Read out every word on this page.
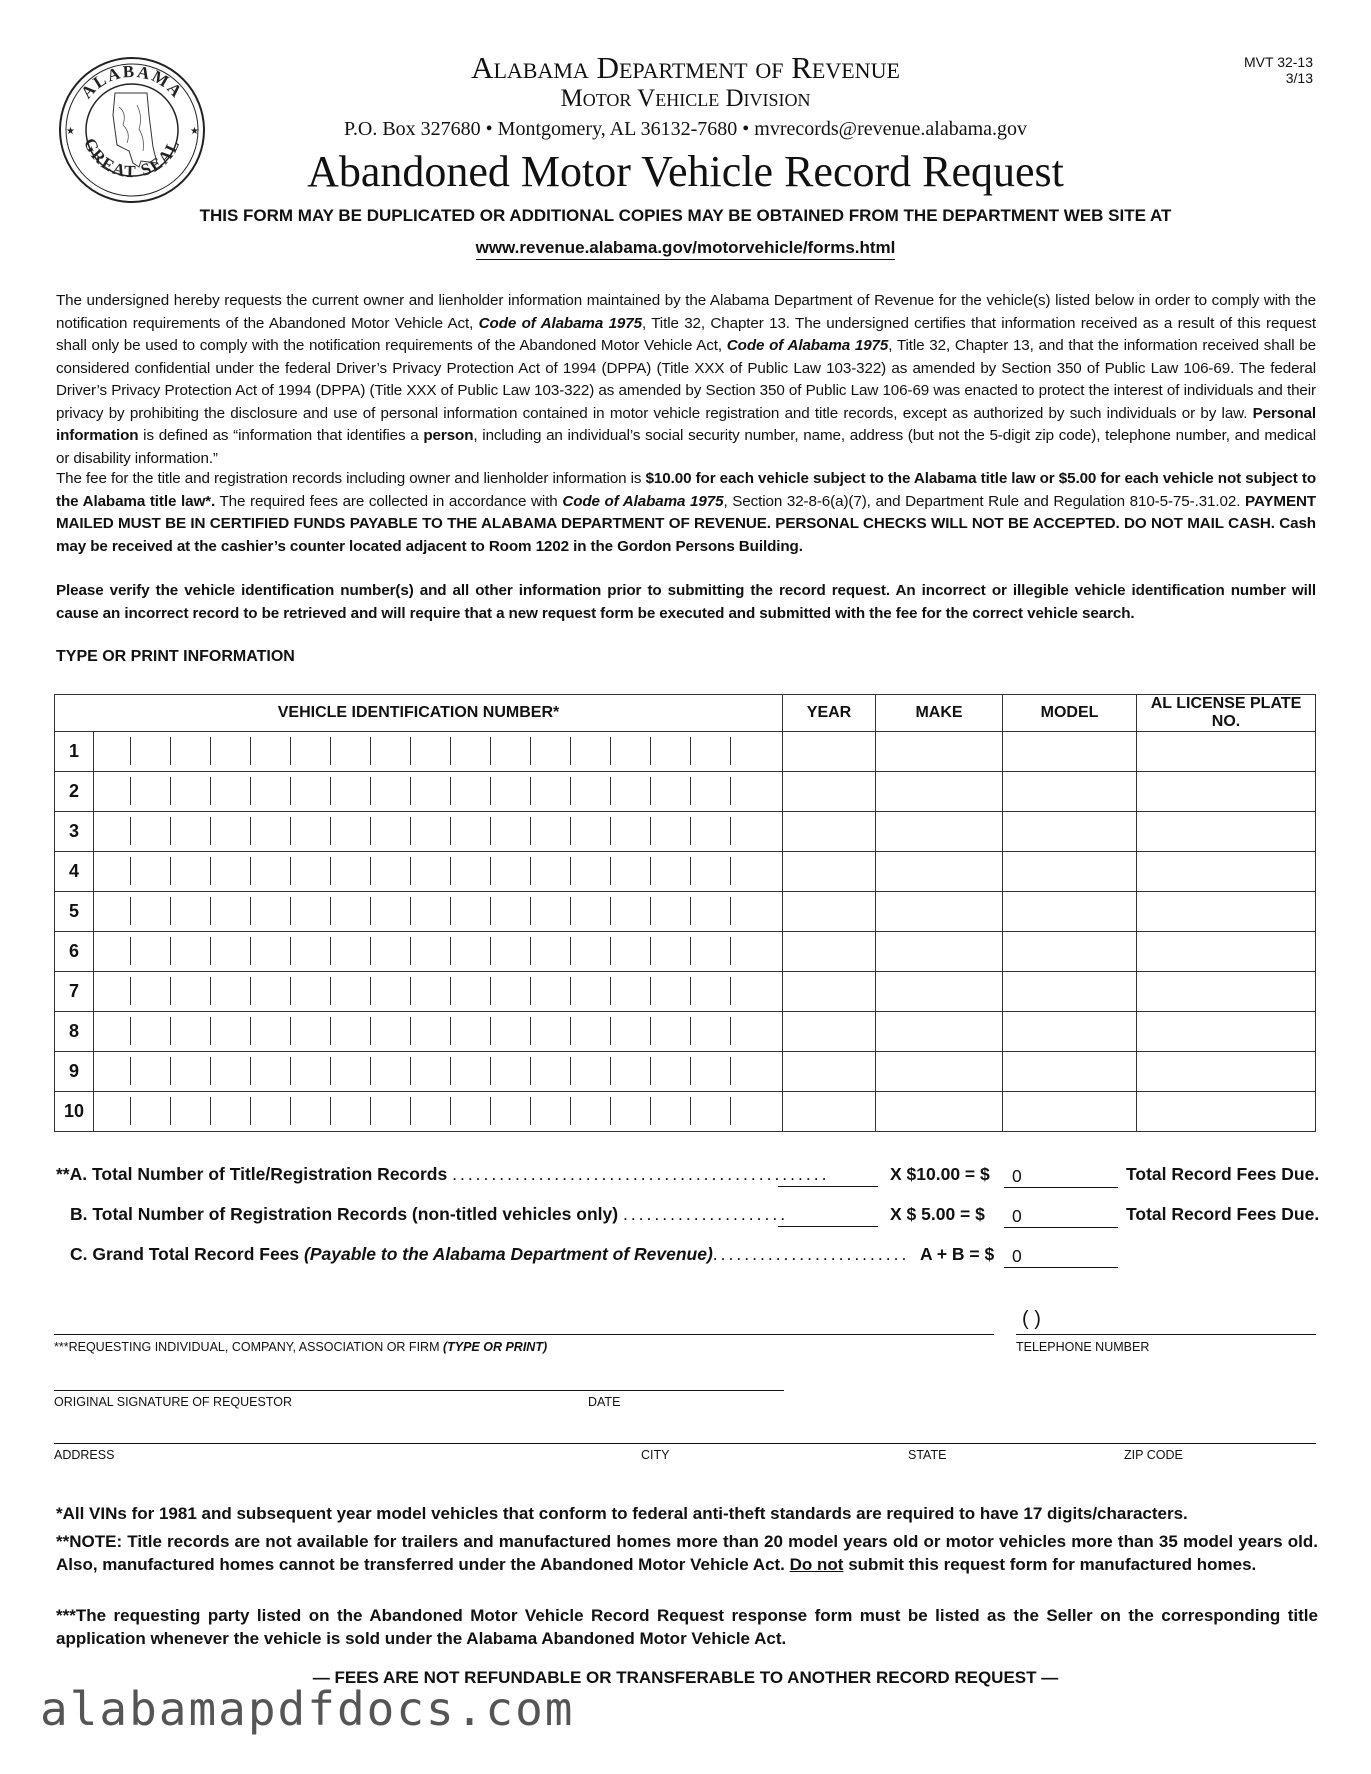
ALABAMA
GREAT SEAL
★	★
MVT 32-13
3/13
Alabama Department of Revenue
Motor Vehicle Division
P.O. Box 327680 • Montgomery, AL 36132-7680 • mvrecords@revenue.alabama.gov
Abandoned Motor Vehicle Record Request
THIS FORM MAY BE DUPLICATED OR ADDITIONAL COPIES MAY BE OBTAINED FROM THE DEPARTMENT WEB SITE AT
www.revenue.alabama.gov/motorvehicle/forms.html
The undersigned hereby requests the current owner and lienholder information maintained by the Alabama Department of Revenue for the vehicle(s) listed below in order to comply with the notification requirements of the Abandoned Motor Vehicle Act, Code of Alabama 1975, Title 32, Chapter 13. The undersigned certifies that information received as a result of this request shall only be used to comply with the notification requirements of the Abandoned Motor Vehicle Act, Code of Alabama 1975, Title 32, Chapter 13, and that the information received shall be considered confidential under the federal Driver’s Privacy Protection Act of 1994 (DPPA) (Title XXX of Public Law 103-322) as amended by Section 350 of Public Law 106-69. The federal Driver’s Privacy Protection Act of 1994 (DPPA) (Title XXX of Public Law 103-322) as amended by Section 350 of Public Law 106-69 was enacted to protect the interest of individuals and their privacy by prohibiting the disclosure and use of personal information contained in motor vehicle registration and title records, except as authorized by such individuals or by law. Personal information is defined as “information that identifies a person, including an individual’s social security number, name, address (but not the 5-digit zip code), telephone number, and medical or disability information.”
The fee for the title and registration records including owner and lienholder information is $10.00 for each vehicle subject to the Alabama title law or $5.00 for each vehicle not subject to the Alabama title law*. The required fees are collected in accordance with Code of Alabama 1975, Section 32-8-6(a)(7), and Department Rule and Regulation 810-5-75-.31.02. PAYMENT MAILED MUST BE IN CERTIFIED FUNDS PAYABLE TO THE ALABAMA DEPARTMENT OF REVENUE. PERSONAL CHECKS WILL NOT BE ACCEPTED. DO NOT MAIL CASH. Cash may be received at the cashier’s counter located adjacent to Room 1202 in the Gordon Persons Building.
Please verify the vehicle identification number(s) and all other information prior to submitting the record request. An incorrect or illegible vehicle identification number will cause an incorrect record to be retrieved and will require that a new request form be executed and submitted with the fee for the correct vehicle search.
TYPE OR PRINT INFORMATION
VEHICLE IDENTIFICATION NUMBER*		YEAR	MAKE	MODEL	AL LICENSE PLATE NO.
1	

2	

3	

4	

5	

6	

7	

8	

9	

10	

**A. Total Number of Title/Registration Records ................................................	X $10.00 = $	0	Total Record Fees Due.
B. Total Number of Registration Records (non-titled vehicles only) .....................	X $ 5.00 = $	0	Total Record Fees Due.
C. Grand Total Record Fees (Payable to the Alabama Department of Revenue)......................... A + B = $	0
( )
***REQUESTING INDIVIDUAL, COMPANY, ASSOCIATION OR FIRM (TYPE OR PRINT)	TELEPHONE NUMBER
ORIGINAL SIGNATURE OF REQUESTOR	DATE
ADDRESS	CITY	STATE	ZIP CODE
*All VINs for 1981 and subsequent year model vehicles that conform to federal anti-theft standards are required to have 17 digits/characters.
**NOTE: Title records are not available for trailers and manufactured homes more than 20 model years old or motor vehicles more than 35 model years old. Also, manufactured homes cannot be transferred under the Abandoned Motor Vehicle Act. Do not submit this request form for manufactured homes.
***The requesting party listed on the Abandoned Motor Vehicle Record Request response form must be listed as the Seller on the corresponding title application whenever the vehicle is sold under the Alabama Abandoned Motor Vehicle Act.
— FEES ARE NOT REFUNDABLE OR TRANSFERABLE TO ANOTHER RECORD REQUEST —
alabamapdfdocs.com
